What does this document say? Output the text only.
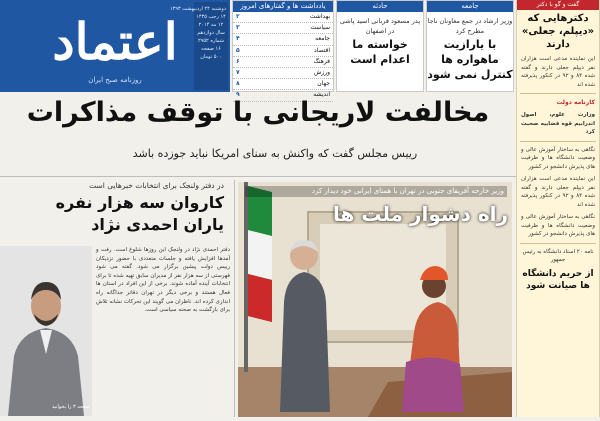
اعتماد
روزنامه صبح ایران
دوشنبه ۲۴ اردیبهشت ۱۳۹۳
۱۴ رجب ۱۴۳۵
۱۲ مه ۲۰۱۴
سال دوازدهم
شماره ۲۹۵۲
۱۶ صفحه
۵۰۰ تومان
یادداشت ها و گفتارهای امروز
بهداشت
۲
سیاست
۳
جامعه
۴
اقتصاد
۵
فرهنگ
۶
ورزش
۷
جهان
۸
اندیشه
۹
حادثه
پدر مسعود قربانی اسید پاشی در اصفهان
خواسته ما اعدام است
جامعه
وزیر ارشاد در جمع معاونان ناجا مطرح کرد
با یارازیت ماهواره ها کنترل نمی شود
گفت و گو با دکتر
دکترهایی که «دیپلم، جعلی» دارند
این نماینده مدعی است هزاران نفر دیپلم جعلی دارند و گفته شده ۸۴ و ۹۲ در کنکور پذیرفته شده اند
کارنامه دولت
وزارت علوم، اصول اندرابیم قوه قضاییه صحبت کرد
نگاهی به ساختار آموزش عالی و وضعیت دانشگاه ها و ظرفیت های پذیرش دانشجو در کشور
این نماینده مدعی است هزاران نفر دیپلم جعلی دارند و گفته شده ۸۴ و ۹۲ در کنکور پذیرفته شده اند
نگاهی به ساختار آموزش عالی و وضعیت دانشگاه ها و ظرفیت های پذیرش دانشجو در کشور
نامه ۲۰ استاد دانشگاه به رئیس جمهور
از حریم دانشگاه ها صیانت شود
مخالفت لاریجانی با توقف مذاکرات
رییس مجلس گفت که واکنش به سنای امریکا نباید جوزده باشد
در دفتر ولنجک برای انتخابات خبرهایی است
کاروان سه هزار نفره
یاران احمدی نژاد

دفتر احمدی نژاد در ولنجک این روزها شلوغ است. رفت و آمدها افزایش یافته و جلسات متعددی با حضور نزدیکان رییس دولت پیشین برگزار می شود. گفته می شود فهرستی از سه هزار نفر از مدیران سابق تهیه شده تا برای انتخابات آینده آماده شوند. برخی از این افراد در استان ها فعال هستند و برخی دیگر در تهران دفاتر جداگانه راه اندازی کرده اند. ناظران می گویند این تحرکات نشانه تلاش برای بازگشت به صحنه سیاسی است.

صفحه ۳ را بخوانید
وزیر خارجه آفریقای جنوبی در تهران با همتای ایرانی خود دیدار کرد
راه دشوار ملت ها
